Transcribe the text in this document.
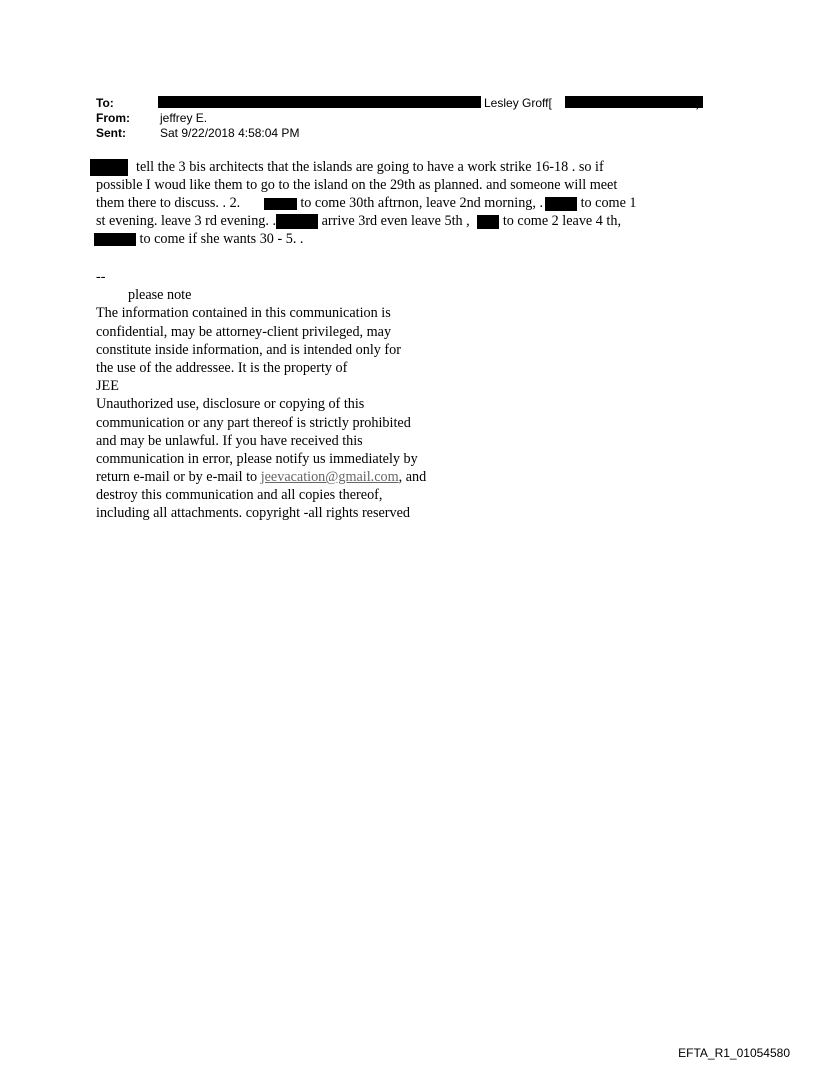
To:	Lesley Groff[	)
From:	jeffrey E.
Sent:	Sat 9/22/2018 4:58:04 PM
tell the 3 bis architects that the islands are going to have a work strike 16-18 . so if
possible I woud like them to go to the island on the 29th as planned. and someone will meet
them there to discuss. . 2.	to come 30th aftrnon, leave 2nd morning, .	to come 1
st evening. leave 3 rd evening. .	arrive 3rd even leave 5th , to come 2 leave 4 th,
to come if she wants 30 - 5. .
--
please note
The information contained in this communication is
confidential, may be attorney-client privileged, may
constitute inside information, and is intended only for
the use of the addressee. It is the property of
JEE
Unauthorized use, disclosure or copying of this
communication or any part thereof is strictly prohibited
and may be unlawful. If you have received this
communication in error, please notify us immediately by
return e-mail or by e-mail to jeevacation@gmail.com, and
destroy this communication and all copies thereof,
including all attachments. copyright -all rights reserved
EFTA_R1_01054580
